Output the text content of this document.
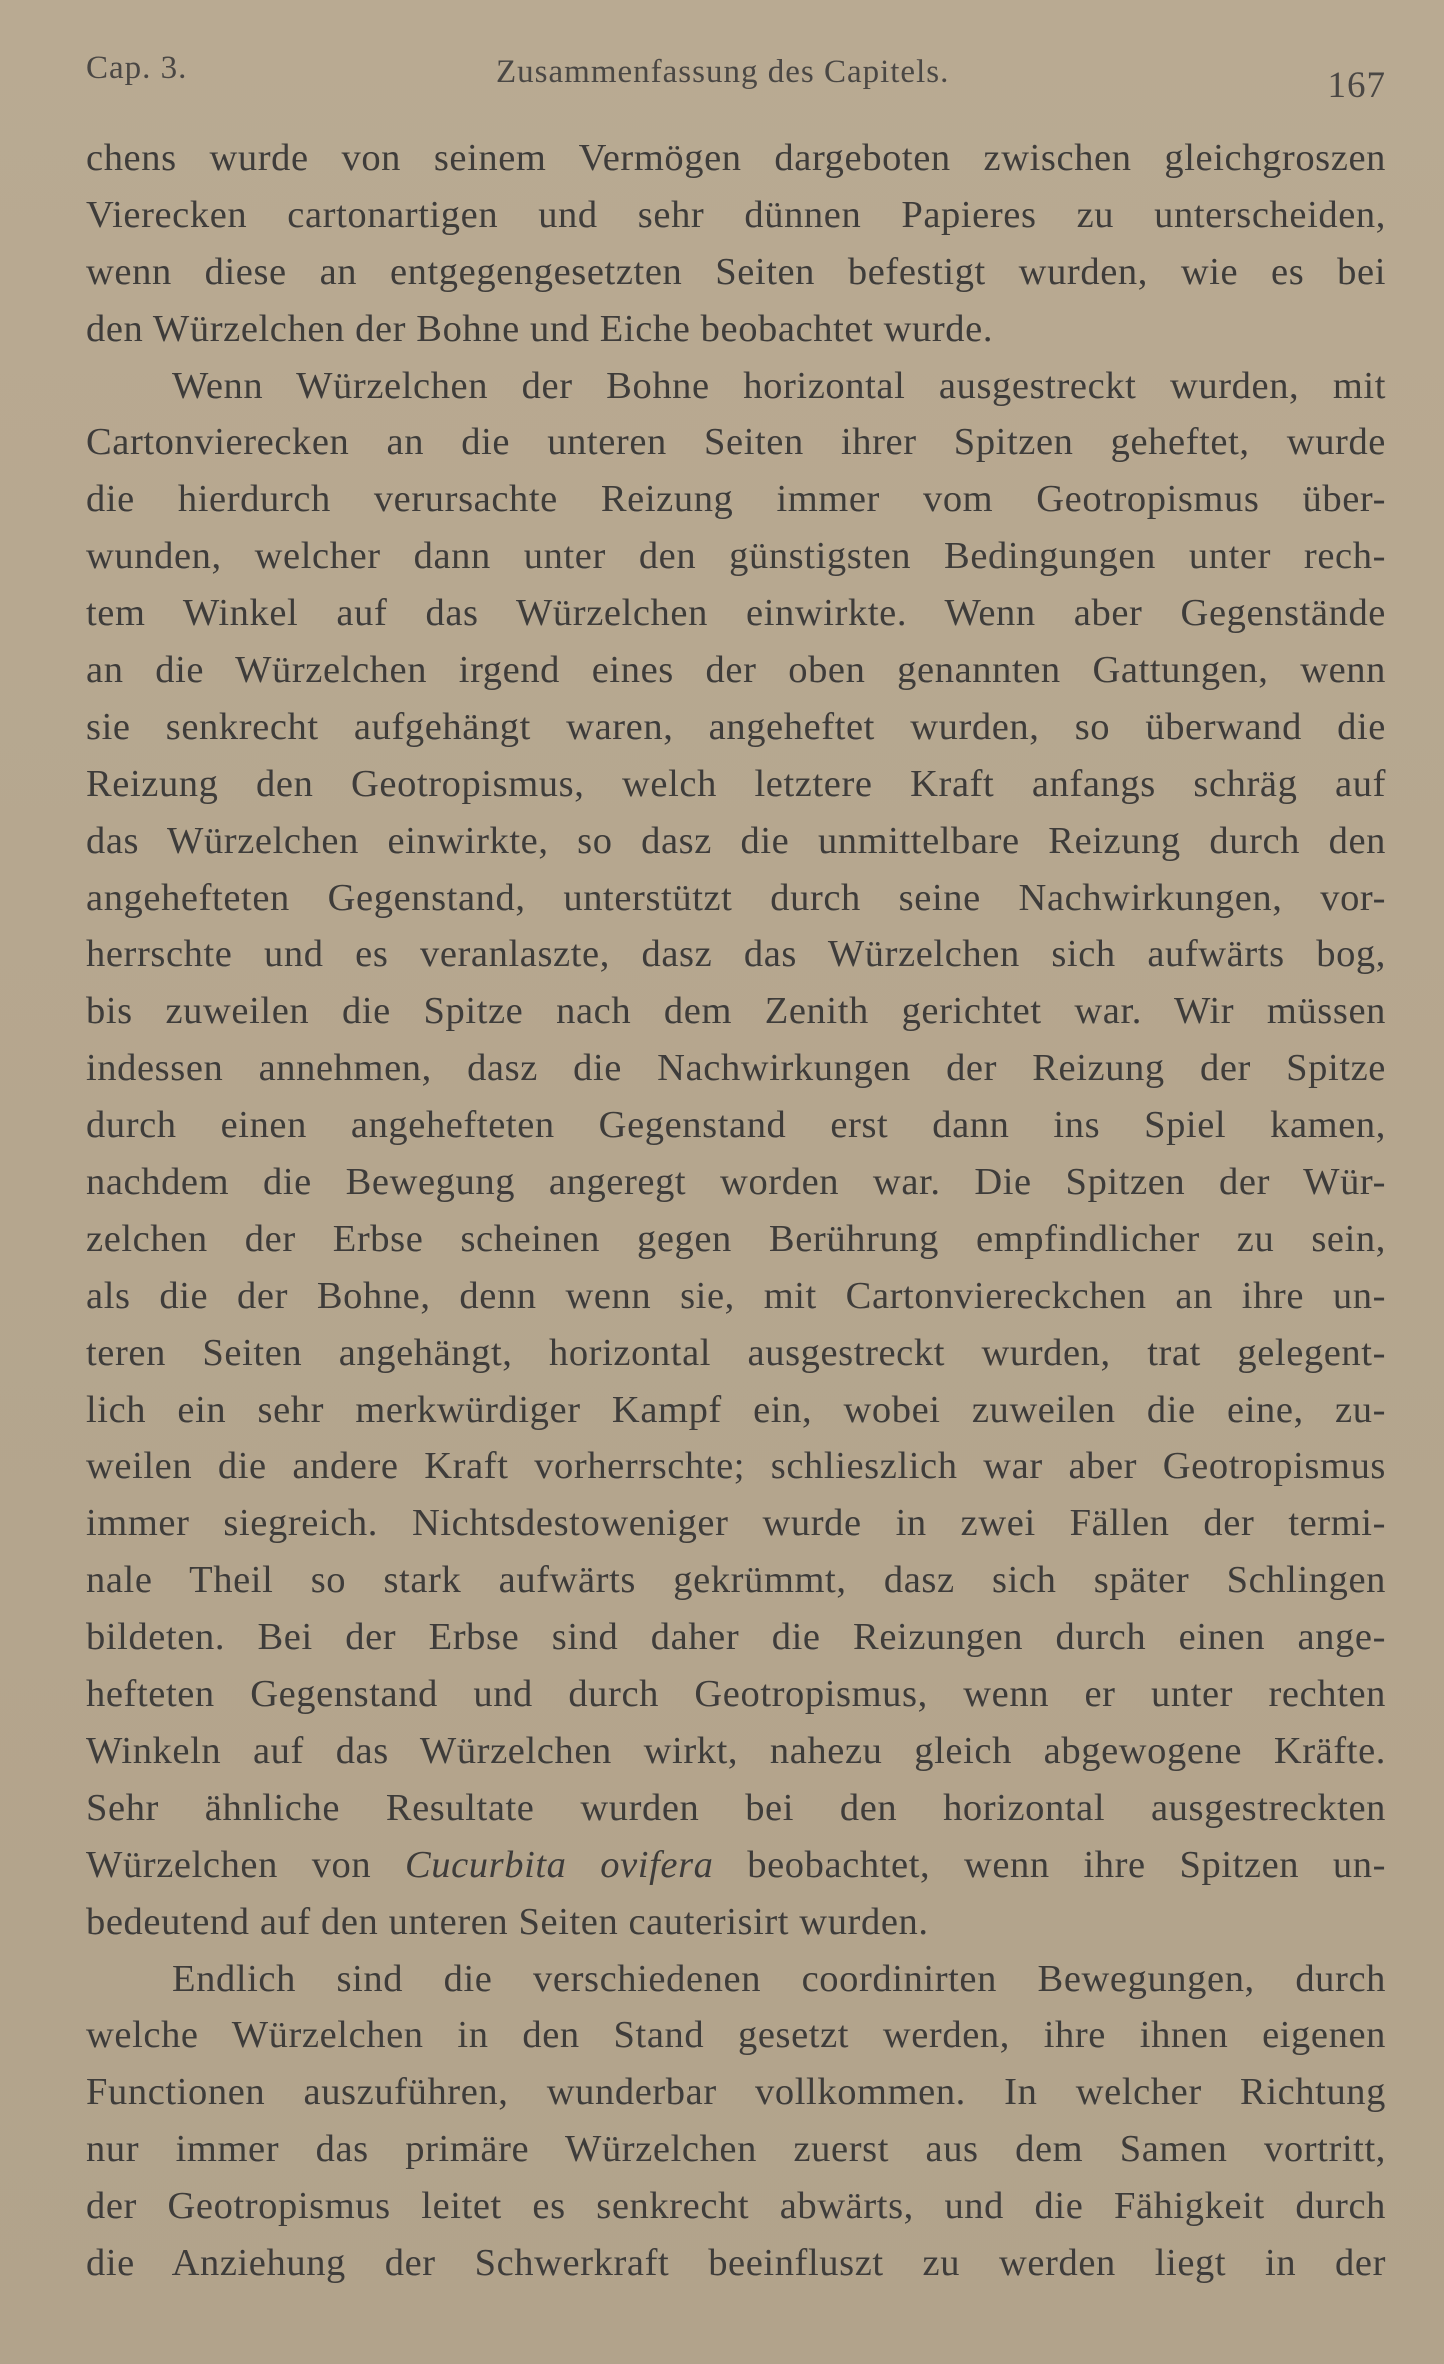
Cap. 3.	Zusammenfassung des Capitels.	167
chens wurde von seinem Vermögen dargeboten zwischen gleichgroszen
Vierecken cartonartigen und sehr dünnen Papieres zu unterscheiden,
wenn diese an entgegengesetzten Seiten befestigt wurden, wie es bei
den Würzelchen der Bohne und Eiche beobachtet wurde.
Wenn Würzelchen der Bohne horizontal ausgestreckt wurden, mit
Cartonvierecken an die unteren Seiten ihrer Spitzen geheftet, wurde
die hierdurch verursachte Reizung immer vom Geotropismus über-
wunden, welcher dann unter den günstigsten Bedingungen unter rech-
tem Winkel auf das Würzelchen einwirkte. Wenn aber Gegenstände
an die Würzelchen irgend eines der oben genannten Gattungen, wenn
sie senkrecht aufgehängt waren, angeheftet wurden, so überwand die
Reizung den Geotropismus, welch letztere Kraft anfangs schräg auf
das Würzelchen einwirkte, so dasz die unmittelbare Reizung durch den
angehefteten Gegenstand, unterstützt durch seine Nachwirkungen, vor-
herrschte und es veranlaszte, dasz das Würzelchen sich aufwärts bog,
bis zuweilen die Spitze nach dem Zenith gerichtet war. Wir müssen
indessen annehmen, dasz die Nachwirkungen der Reizung der Spitze
durch einen angehefteten Gegenstand erst dann ins Spiel kamen,
nachdem die Bewegung angeregt worden war. Die Spitzen der Wür-
zelchen der Erbse scheinen gegen Berührung empfindlicher zu sein,
als die der Bohne, denn wenn sie, mit Cartonviereckchen an ihre un-
teren Seiten angehängt, horizontal ausgestreckt wurden, trat gelegent-
lich ein sehr merkwürdiger Kampf ein, wobei zuweilen die eine, zu-
weilen die andere Kraft vorherrschte; schlieszlich war aber Geotropismus
immer siegreich. Nichtsdestoweniger wurde in zwei Fällen der termi-
nale Theil so stark aufwärts gekrümmt, dasz sich später Schlingen
bildeten. Bei der Erbse sind daher die Reizungen durch einen ange-
hefteten Gegenstand und durch Geotropismus, wenn er unter rechten
Winkeln auf das Würzelchen wirkt, nahezu gleich abgewogene Kräfte.
Sehr ähnliche Resultate wurden bei den horizontal ausgestreckten
Würzelchen von Cucurbita ovifera beobachtet, wenn ihre Spitzen un-
bedeutend auf den unteren Seiten cauterisirt wurden.
Endlich sind die verschiedenen coordinirten Bewegungen, durch
welche Würzelchen in den Stand gesetzt werden, ihre ihnen eigenen
Functionen auszuführen, wunderbar vollkommen. In welcher Richtung
nur immer das primäre Würzelchen zuerst aus dem Samen vortritt,
der Geotropismus leitet es senkrecht abwärts, und die Fähigkeit durch
die Anziehung der Schwerkraft beeinfluszt zu werden liegt in der
